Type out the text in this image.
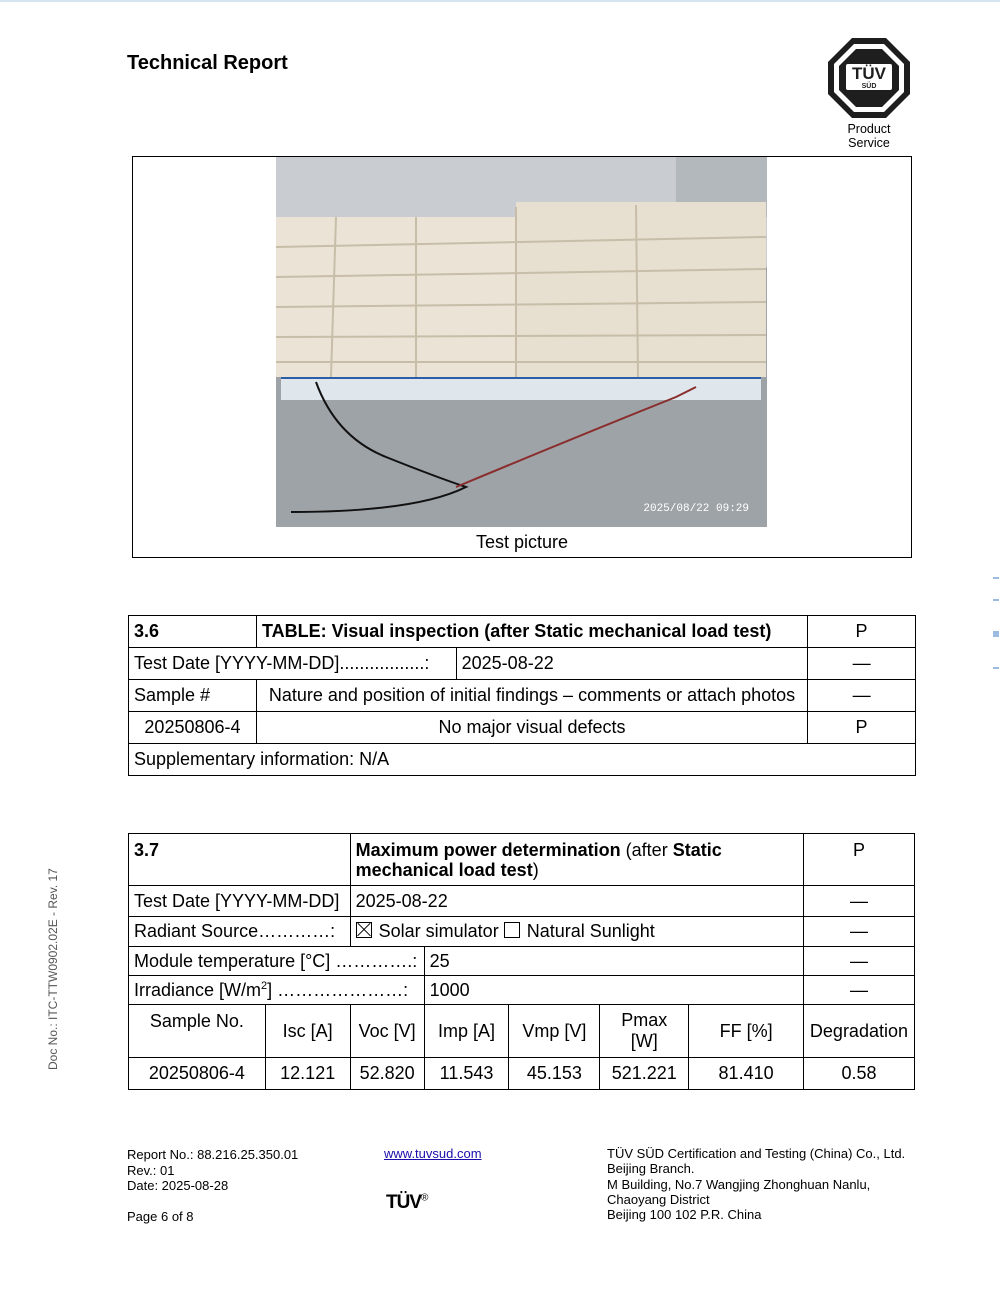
Technical Report	TÜV
SÜD
Product Service
2025/08/22 09:29
Test picture
3.6	TABLE: Visual inspection (after Static mechanical load test)		P
Test Date [YYYY-MM-DD].................:		2025-08-22	—
Sample #	Nature and position of initial findings – comments or attach photos		—
20250806-4	No major visual defects		P
Supplementary information: N/A			
3.7		Maximum power determination (after Static mechanical load test)					P
Test Date [YYYY-MM-DD]		2025-08-22					—
Radiant Source…………:		Solar simulator Natural Sunlight					—
Module temperature [°C] ………….:			25				—
Irradiance $[W/m^2]$ …………………:			1000				—
Sample No.	Isc [A]	Voc [V]	Imp [A]	Vmp [V]	Pmax [W]	FF [%]	Degradation
20250806-4	12.121	52.820	11.543	45.153	521.221	81.410	0.58
Doc No.: ITC-TTW0902.02E - Rev. 17
Report No.: 88.216.25.350.01
Rev.: 01
Date: 2025-08-28
Page 6 of 8
www.tuvsud.com
TÜV®
TÜV SÜD Certification and Testing (China) Co., Ltd.
Beijing Branch.
M Building, No.7 Wangjing Zhonghuan Nanlu,
Chaoyang District
Beijing 100 102 P.R. China
